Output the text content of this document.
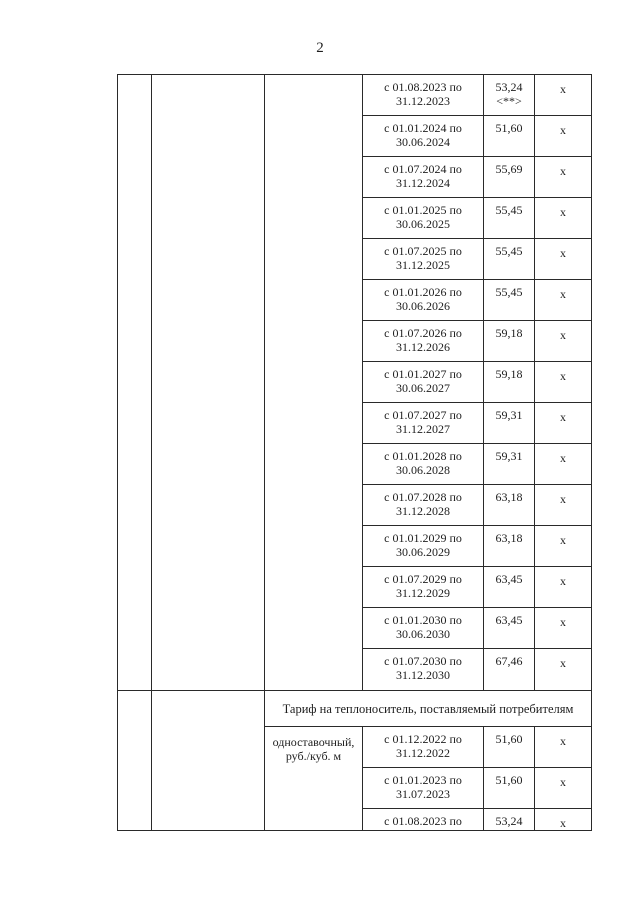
2
			с 01.08.2023 по 31.12.2023	53,24 <**>	х
			с 01.01.2024 по 30.06.2024	51,60	х
			с 01.07.2024 по 31.12.2024	55,69	х
			с 01.01.2025 по 30.06.2025	55,45	х
			с 01.07.2025 по 31.12.2025	55,45	х
			с 01.01.2026 по 30.06.2026	55,45	х
			с 01.07.2026 по 31.12.2026	59,18	х
			с 01.01.2027 по 30.06.2027	59,18	х
			с 01.07.2027 по 31.12.2027	59,31	х
			с 01.01.2028 по 30.06.2028	59,31	х
			с 01.07.2028 по 31.12.2028	63,18	х
			с 01.01.2029 по 30.06.2029	63,18	х
			с 01.07.2029 по 31.12.2029	63,45	х
			с 01.01.2030 по 30.06.2030	63,45	х
			с 01.07.2030 по 31.12.2030	67,46	х
		Тариф на теплоноситель, поставляемый потребителям			
		одноставочный, руб./куб. м	с 01.12.2022 по 31.12.2022	51,60	х
			с 01.01.2023 по 31.07.2023	51,60	х
			с 01.08.2023 по	53,24	х
